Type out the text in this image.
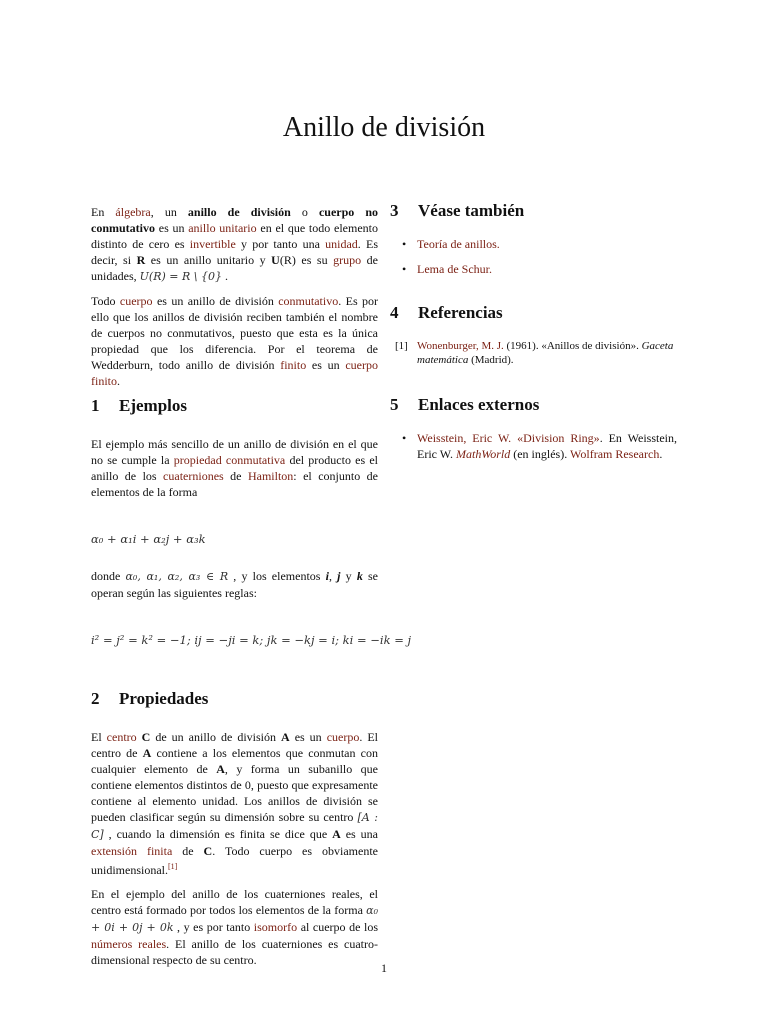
Anillo de división

En álgebra, un anillo de división o cuerpo no conmutativo es un anillo unitario en el que todo elemento distinto de cero es invertible y por tanto una unidad. Es decir, si R es un anillo unitario y U(R) es su grupo de unidades, U(R) = R \ {0} .

Todo cuerpo es un anillo de división conmutativo. Es por ello que los anillos de división reciben también el nombre de cuerpos no conmutativos, puesto que esta es la única propiedad que los diferencia. Por el teorema de Wedderburn, todo anillo de división finito es un cuerpo finito.

1 Ejemplos

El ejemplo más sencillo de un anillo de división en el que no se cumple la propiedad conmutativa del producto es el anillo de los cuaterniones de Hamilton: el conjunto de elementos de la forma

α₀ + α₁i + α₂j + α₃k

donde α₀, α₁, α₂, α₃ ∈ R , y los elementos i, j y k se operan según las siguientes reglas:

i² = j² = k² = −1; ij = −ji = k; jk = −kj = i; ki = −ik = j
2 Propiedades

El centro C de un anillo de división A es un cuerpo. El centro de A contiene a los elementos que conmutan con cualquier elemento de A, y forma un subanillo que contiene elementos distintos de 0, puesto que expresamente contiene al elemento unidad. Los anillos de división se pueden clasificar según su dimensión sobre su centro [A : C] , cuando la dimensión es finita se dice que A es una extensión finita de C. Todo cuerpo es obviamente unidimensional.[1]

En el ejemplo del anillo de los cuaterniones reales, el centro está formado por todos los elementos de la forma α₀ + 0i + 0j + 0k , y es por tanto isomorfo al cuerpo de los números reales. El anillo de los cuaterniones es cuatro-dimensional respecto de su centro.

3 Véase también
• Teoría de anillos.
• Lema de Schur.
4 Referencias
[1] Wonenburger, M. J. (1961). «Anillos de división». Gaceta matemática (Madrid).
5 Enlaces externos
• Weisstein, Eric W. «Division Ring». En Weisstein, Eric W. MathWorld (en inglés). Wolfram Research.
1
